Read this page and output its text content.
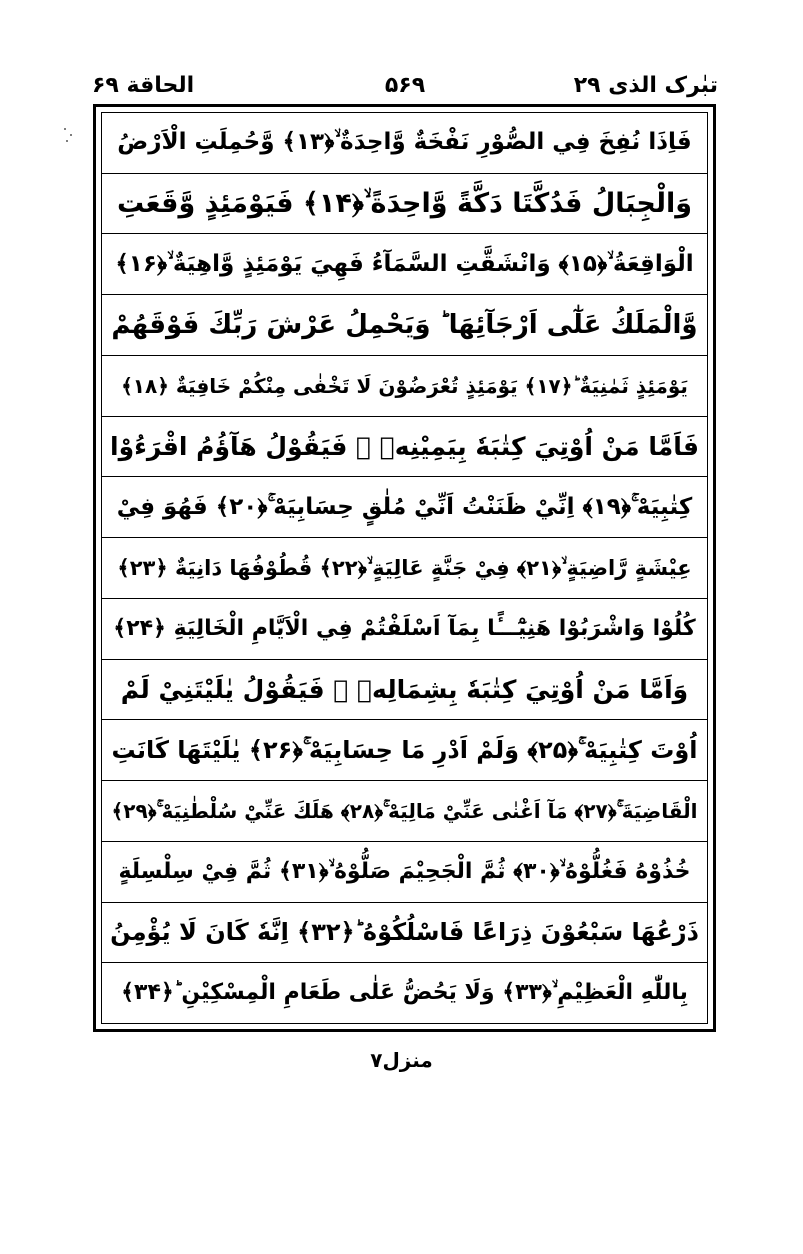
تبٰرک الذی ۲۹
۵۶۹
الحاقة ۶۹
فَاِذَا نُفِخَ فِي الصُّوْرِ نَفْخَةٌ وَّاحِدَةٌ ۙ﴿۱۳﴾ وَّحُمِلَتِ الْاَرْضُ
وَالْجِبَالُ فَدُكَّتَا دَكَّةً وَّاحِدَةً ۙ﴿۱۴﴾ فَيَوْمَئِذٍ وَّقَعَتِ
الْوَاقِعَةُ ۙ﴿۱۵﴾ وَانْشَقَّتِ السَّمَآءُ فَهِيَ يَوْمَئِذٍ وَّاهِيَةٌ ۙ﴿۱۶﴾
وَّالْمَلَكُ عَلٰٓى اَرْجَآئِهَا ؕ وَيَحْمِلُ عَرْشَ رَبِّكَ فَوْقَهُمْ
يَوْمَئِذٍ ثَمٰنِيَةٌ ؕ﴿۱۷﴾ يَوْمَئِذٍ تُعْرَضُوْنَ لَا تَخْفٰى مِنْكُمْ خَافِيَةٌ ﴿۱۸﴾
فَاَمَّا مَنْ اُوْتِيَ كِتٰبَهٗ بِيَمِيْنِهٖ ۙ فَيَقُوْلُ هَآؤُمُ اقْرَءُوْا
كِتٰبِيَهْ ۚ﴿۱۹﴾ اِنِّيْ ظَنَنْتُ اَنِّيْ مُلٰقٍ حِسَابِيَهْ ۚ﴿۲۰﴾ فَهُوَ فِيْ
عِيْشَةٍ رَّاضِيَةٍ ۙ﴿۲۱﴾ فِيْ جَنَّةٍ عَالِيَةٍ ۙ﴿۲۲﴾ قُطُوْفُهَا دَانِيَةٌ ﴿۲۳﴾
كُلُوْا وَاشْرَبُوْا هَنِيْٓـــًٔا بِمَآ اَسْلَفْتُمْ فِي الْاَيَّامِ الْخَالِيَةِ ﴿۲۴﴾
وَاَمَّا مَنْ اُوْتِيَ كِتٰبَهٗ بِشِمَالِهٖ ۙ فَيَقُوْلُ يٰلَيْتَنِيْ لَمْ
اُوْتَ كِتٰبِيَهْ ۚ﴿۲۵﴾ وَلَمْ اَدْرِ مَا حِسَابِيَهْ ۚ﴿۲۶﴾ يٰلَيْتَهَا كَانَتِ
الْقَاضِيَةَ ۚ﴿۲۷﴾ مَآ اَغْنٰى عَنِّيْ مَالِيَهْ ۚ﴿۲۸﴾ هَلَكَ عَنِّيْ سُلْطٰنِيَهْ ۚ﴿۲۹﴾
خُذُوْهُ فَغُلُّوْهُ ۙ﴿۳۰﴾ ثُمَّ الْجَحِيْمَ صَلُّوْهُ ۙ﴿۳۱﴾ ثُمَّ فِيْ سِلْسِلَةٍ
ذَرْعُهَا سَبْعُوْنَ ذِرَاعًا فَاسْلُكُوْهُ ؕ﴿۳۲﴾ اِنَّهٗ كَانَ لَا يُؤْمِنُ
بِاللّٰهِ الْعَظِيْمِ ۙ﴿۳۳﴾ وَلَا يَحُضُّ عَلٰى طَعَامِ الْمِسْكِيْنِ ؕ﴿۳۴﴾
منزل۷
